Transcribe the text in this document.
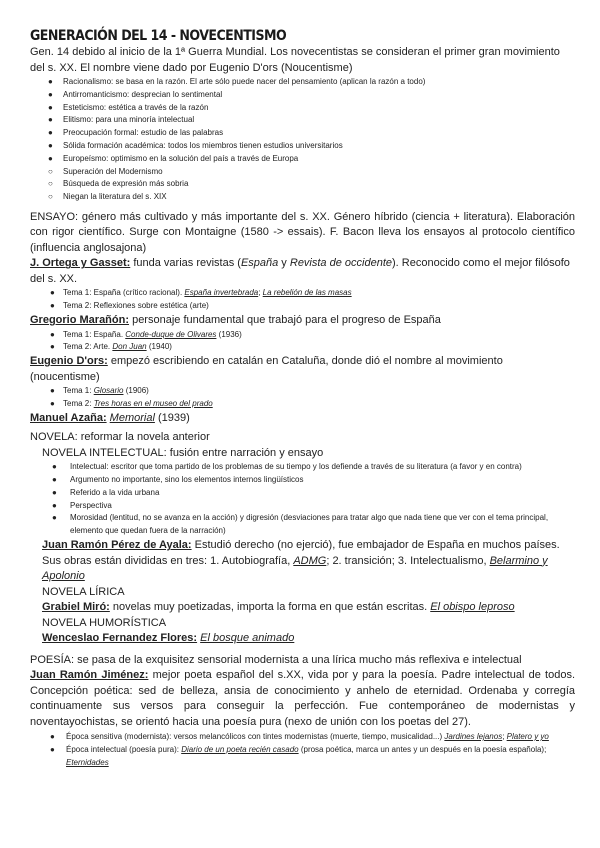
GENERACIÓN DEL 14 - NOVECENTISMO

Gen. 14 debido al inicio de la 1ª Guerra Mundial. Los novecentistas se consideran el primer gran movimiento

del s. XX. El nombre viene dado por Eugenio D'ors (Noucentisme)

● Racionalismo: se basa en la razón. El arte sólo puede nacer del pensamiento (aplican la razón a todo)
● Antirromanticismo: desprecian lo sentimental
● Esteticismo: estética a través de la razón
● Elitismo: para una minoría intelectual
● Preocupación formal: estudio de las palabras
● Sólida formación académica: todos los miembros tienen estudios universitarios
● Europeísmo: optimismo en la solución del país a través de Europa
○ Superación del Modernismo
○ Búsqueda de expresión más sobria
○ Niegan la literatura del s. XIX

ENSAYO: género más cultivado y más importante del s. XX. Género híbrido (ciencia + literatura). Elaboración con rigor científico. Surge con Montaigne (1580 -> essais). F. Bacon lleva los ensayos al protocolo científico (influencia anglosajona)

J. Ortega y Gasset: funda varias revistas (España y Revista de occidente). Reconocido como el mejor filósofo del s. XX.

● Tema 1: España (crítico racional). España invertebrada; La rebelión de las masas
● Tema 2: Reflexiones sobre estética (arte)

Gregorio Marañón: personaje fundamental que trabajó para el progreso de España

● Tema 1: España. Conde-duque de Olivares (1936)
● Tema 2: Arte. Don Juan (1940)

Eugenio D'ors: empezó escribiendo en catalán en Cataluña, donde dió el nombre al movimiento (noucentisme)

● Tema 1: Glosario (1906)
● Tema 2: Tres horas en el museo del prado

Manuel Azaña: Memorial (1939)

NOVELA: reformar la novela anterior

NOVELA INTELECTUAL: fusión entre narración y ensayo

● Intelectual: escritor que toma partido de los problemas de su tiempo y los defiende a través de su literatura (a favor y en contra)
● Argumento no importante, sino los elementos internos lingüísticos
● Referido a la vida urbana
● Perspectiva
● Morosidad (lentitud, no se avanza en la acción) y digresión (desviaciones para tratar algo que nada tiene que ver con el tema principal, elemento que quedan fuera de la narración)

Juan Ramón Pérez de Ayala: Estudió derecho (no ejerció), fue embajador de España en muchos países. Sus obras están divididas en tres: 1. Autobiografía, ADMG; 2. transición; 3. Intelectualismo, Belarmino y Apolonio

NOVELA LÍRICA

Grabiel Miró: novelas muy poetizadas, importa la forma en que están escritas. El obispo leproso

NOVELA HUMORÍSTICA

Wenceslao Fernandez Flores: El bosque animado

POESÍA: se pasa de la exquisitez sensorial modernista a una lírica mucho más reflexiva e intelectual

Juan Ramón Jiménez: mejor poeta español del s.XX, vida por y para la poesía. Padre intelectual de todos. Concepción poética: sed de belleza, ansia de conocimiento y anhelo de eternidad. Ordenaba y corregía continuamente sus versos para conseguir la perfección. Fue contemporáneo de modernistas y noventayochistas, se orientó hacia una poesía pura (nexo de unión con los poetas del 27).

● Época sensitiva (modernista): versos melancólicos con tintes modernistas (muerte, tiempo, musicalidad...) Jardines lejanos; Platero y yo
● Época intelectual (poesía pura): Diario de un poeta recién casado (prosa poética, marca un antes y un después en la poesía española); Eternidades
